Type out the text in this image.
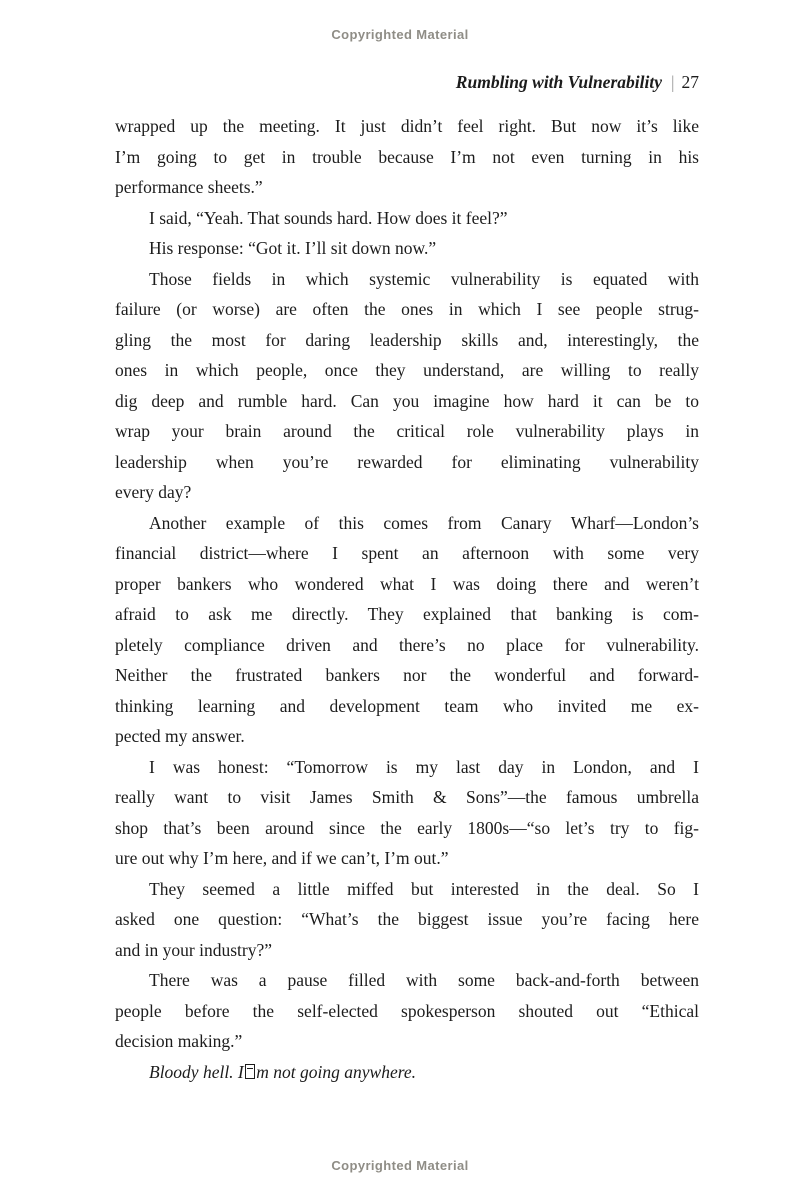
Copyrighted Material
Rumbling with Vulnerability | 27
wrapped up the meeting. It just didn’t feel right. But now it’s like
I’m going to get in trouble because I’m not even turning in his
performance sheets.”
I said, “Yeah. That sounds hard. How does it feel?”
His response: “Got it. I’ll sit down now.”
Those fields in which systemic vulnerability is equated with
failure (or worse) are often the ones in which I see people strug-
gling the most for daring leadership skills and, interestingly, the
ones in which people, once they understand, are willing to really
dig deep and rumble hard. Can you imagine how hard it can be to
wrap your brain around the critical role vulnerability plays in
leadership when you’re rewarded for eliminating vulnerability
every day?
Another example of this comes from Canary Wharf—London’s
financial district—where I spent an afternoon with some very
proper bankers who wondered what I was doing there and weren’t
afraid to ask me directly. They explained that banking is com-
pletely compliance driven and there’s no place for vulnerability.
Neither the frustrated bankers nor the wonderful and forward-
thinking learning and development team who invited me ex-
pected my answer.
I was honest: “Tomorrow is my last day in London, and I
really want to visit James Smith & Sons”—the famous umbrella
shop that’s been around since the early 1800s—“so let’s try to fig-
ure out why I’m here, and if we can’t, I’m out.”
They seemed a little miffed but interested in the deal. So I
asked one question: “What’s the biggest issue you’re facing here
and in your industry?”
There was a pause filled with some back-and-forth between
people before the self-elected spokesperson shouted out “Ethical
decision making.”
Bloody hell. I m not going anywhere.
Copyrighted Material
